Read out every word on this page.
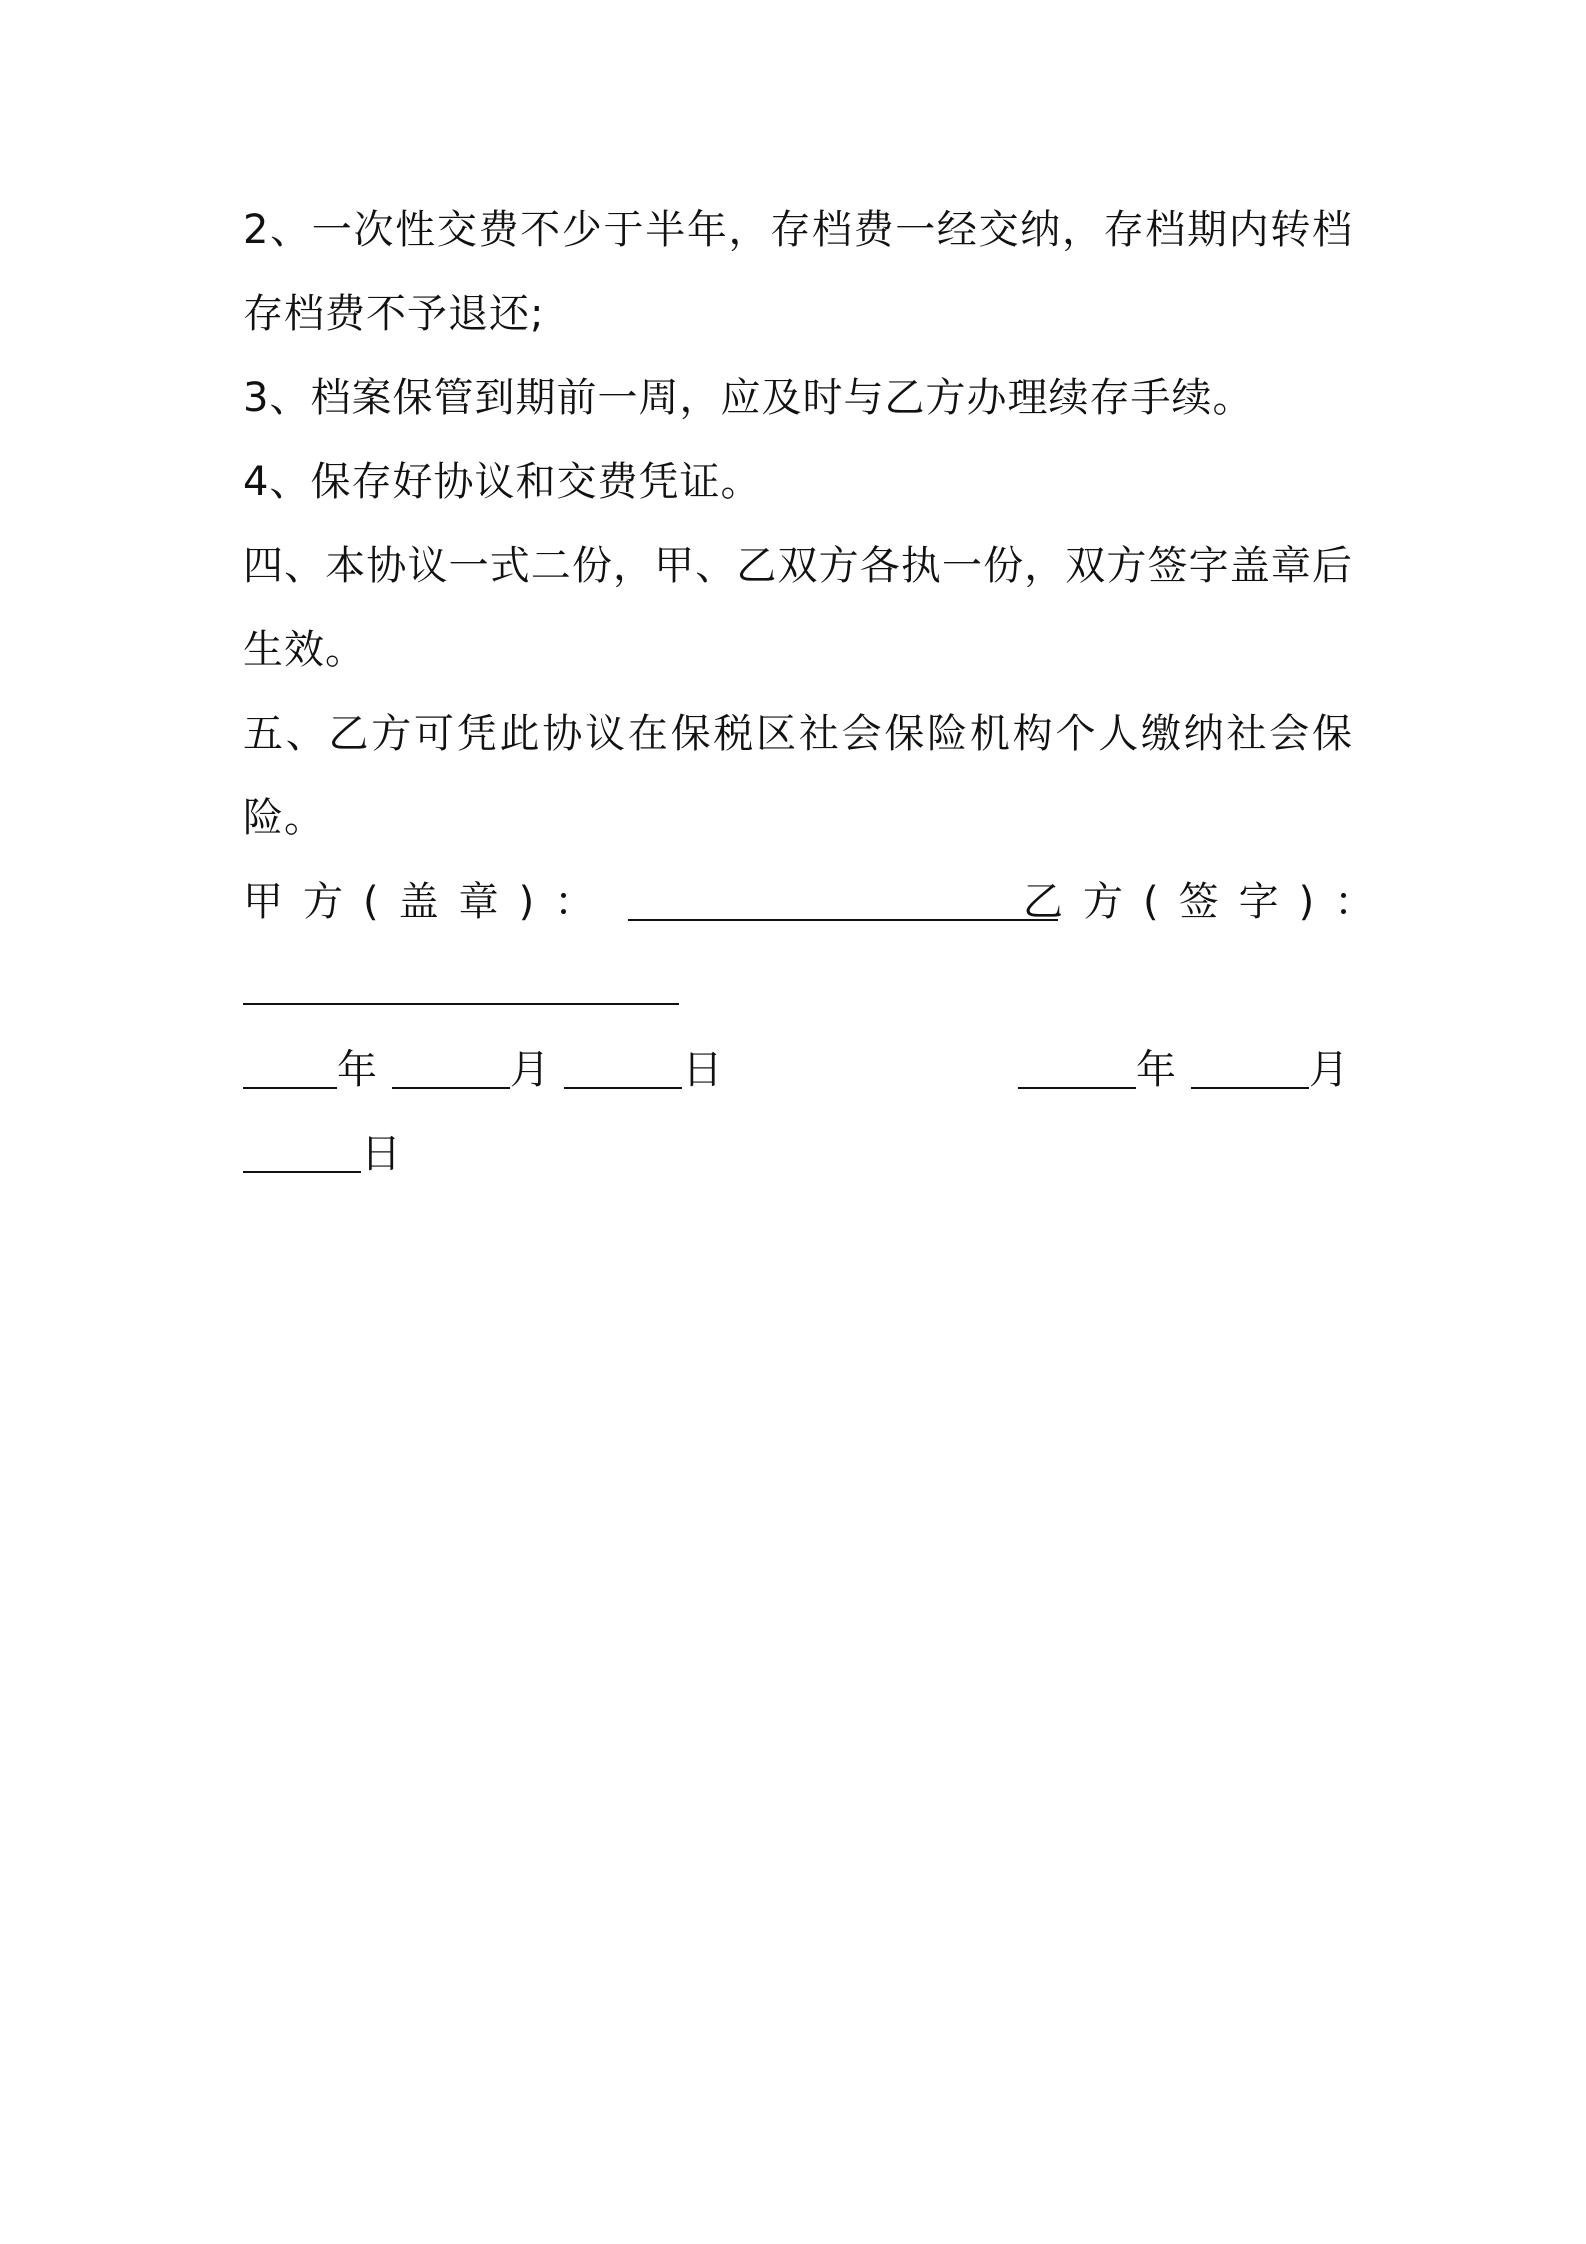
2、一次性交费不少于半年，存档费一经交纳，存档期内转档存档费不予退还;

3、档案保管到期前一周，应及时与乙方办理续存手续。

4、保存好协议和交费凭证。

四、本协议一式二份，甲、乙双方各执一份，双方签字盖章后生效。

五、乙方可凭此协议在保税区社会保险机构个人缴纳社会保险。

甲方(盖章)：	乙方(签字)：
年	月	日	年	月
日
